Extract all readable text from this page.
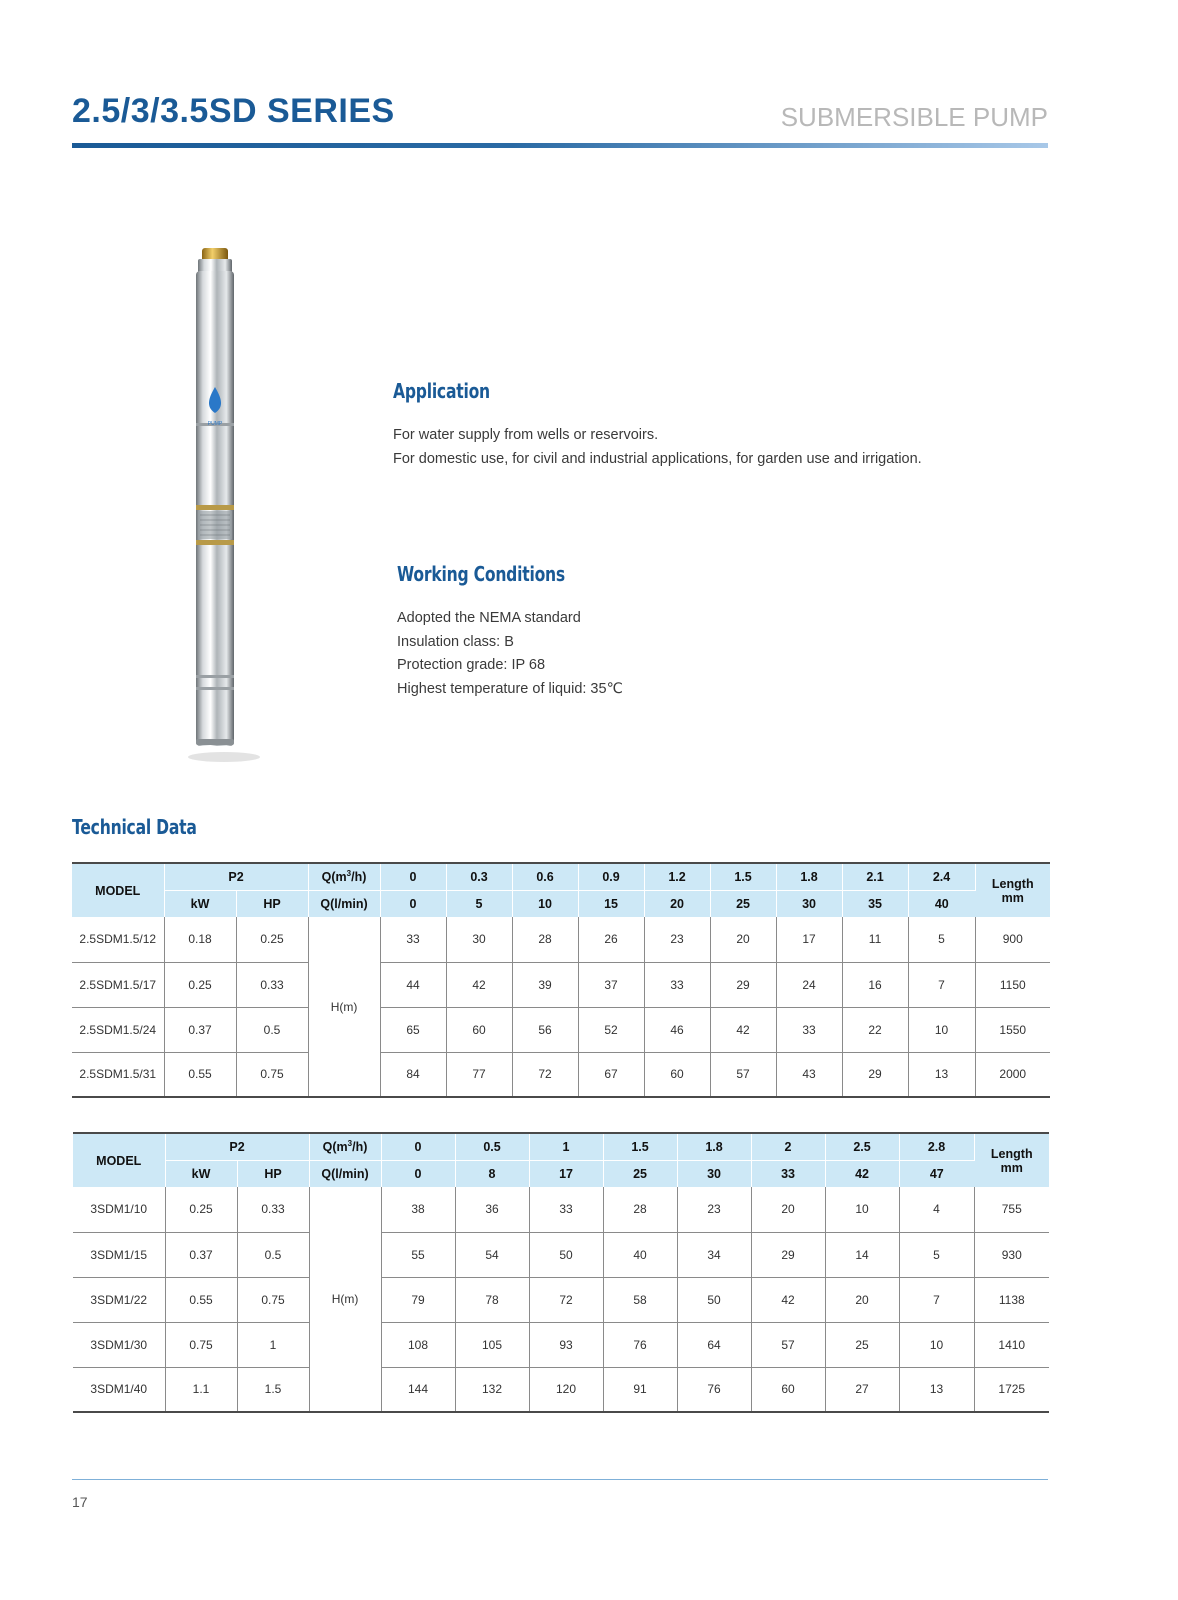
2.5/3/3.5SD SERIES	SUBMERSIBLE PUMP
PUMP
Application
For water supply from wells or reservoirs.
For domestic use, for civil and industrial applications, for garden use and irrigation.
Working Conditions
Adopted the NEMA standard
Insulation class: B
Protection grade: IP 68
Highest temperature of liquid: 35℃
Technical Data
MODEL	P2		$Q(m^3/h)$	0	0.3	0.6	0.9	1.2	1.5	1.8	2.1	2.4	Length
mm

	kW	HP	Q(l/min)	0	5	10	15	20	25	30	35	40	
2.5SDM1.5/12	0.18	0.25	H(m)	33	30	28	26	23	20	17	11	5	900
2.5SDM1.5/17	0.25	0.33		44	42	39	37	33	29	24	16	7	1150
2.5SDM1.5/24	0.37	0.5		65	60	56	52	46	42	33	22	10	1550
2.5SDM1.5/31	0.55	0.75		84	77	72	67	60	57	43	29	13	2000
MODEL	P2		$Q(m^3/h)$	0	0.5	1	1.5	1.8	2	2.5	2.8	Length
mm

	kW	HP	Q(l/min)	0	8	17	25	30	33	42	47	
3SDM1/10	0.25	0.33	H(m)	38	36	33	28	23	20	10	4	755
3SDM1/15	0.37	0.5		55	54	50	40	34	29	14	5	930
3SDM1/22	0.55	0.75		79	78	72	58	50	42	20	7	1138
3SDM1/30	0.75	1		108	105	93	76	64	57	25	10	1410
3SDM1/40	1.1	1.5		144	132	120	91	76	60	27	13	1725
17
